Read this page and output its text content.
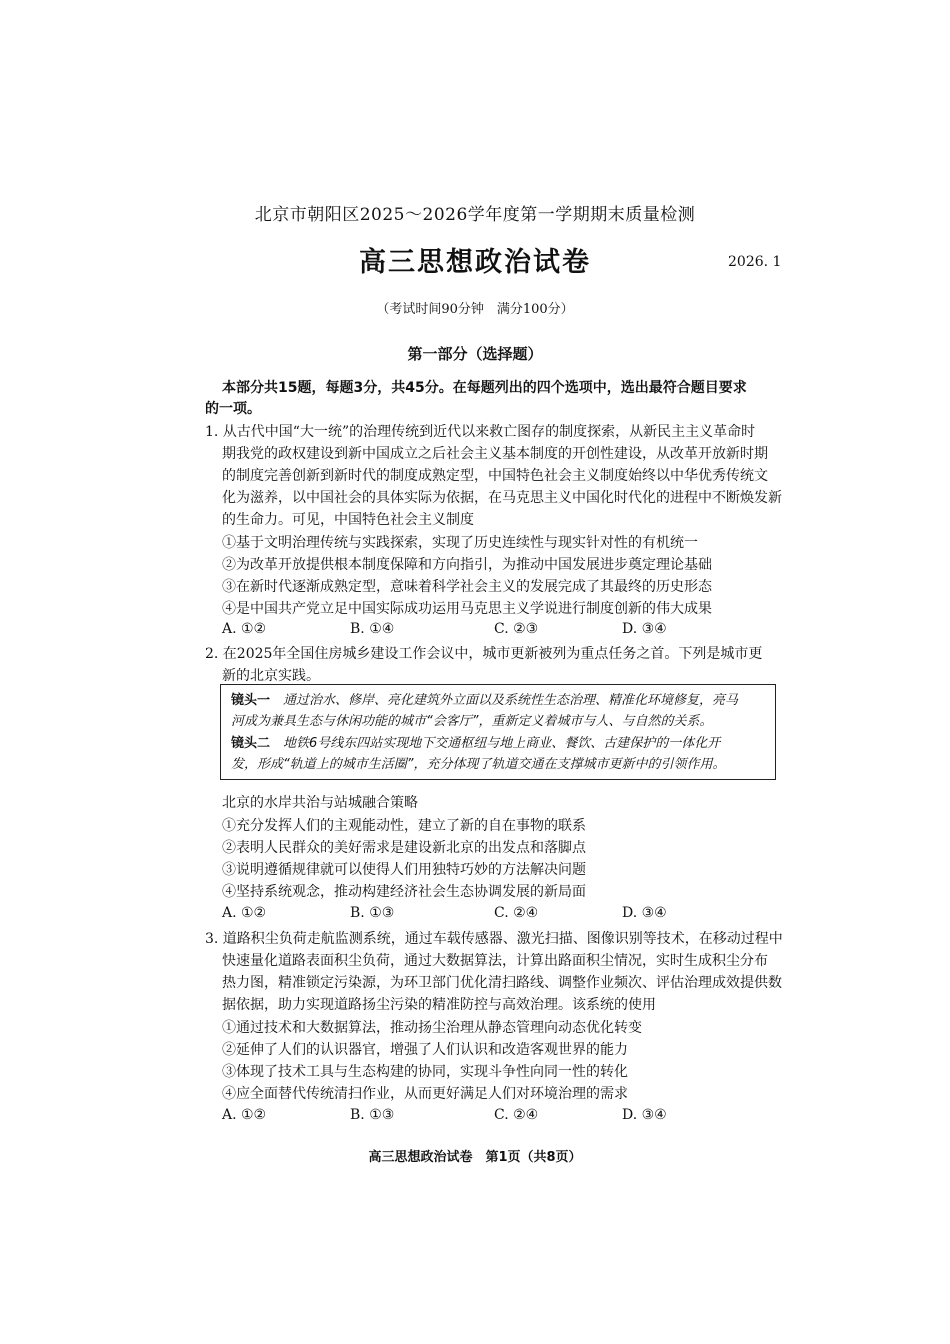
北京市朝阳区2025～2026学年度第一学期期末质量检测
高三思想政治试卷	2026. 1
（考试时间90分钟　满分100分）
第一部分（选择题）
本部分共15题，每题3分，共45分。在每题列出的四个选项中，选出最符合题目要求
的一项。
1. 从古代中国“大一统”的治理传统到近代以来救亡图存的制度探索，从新民主主义革命时
期我党的政权建设到新中国成立之后社会主义基本制度的开创性建设，从改革开放新时期
的制度完善创新到新时代的制度成熟定型，中国特色社会主义制度始终以中华优秀传统文
化为滋养，以中国社会的具体实际为依据，在马克思主义中国化时代化的进程中不断焕发新
的生命力。可见，中国特色社会主义制度
①基于文明治理传统与实践探索，实现了历史连续性与现实针对性的有机统一
②为改革开放提供根本制度保障和方向指引，为推动中国发展进步奠定理论基础
③在新时代逐渐成熟定型，意味着科学社会主义的发展完成了其最终的历史形态
④是中国共产党立足中国实际成功运用马克思主义学说进行制度创新的伟大成果
A. ①②	B. ①④	C. ②③	D. ③④
2. 在2025年全国住房城乡建设工作会议中，城市更新被列为重点任务之首。下列是城市更
新的北京实践。
镜头一  通过治水、修岸、亮化建筑外立面以及系统性生态治理、精准化环境修复，亮马
河成为兼具生态与休闲功能的城市“会客厅”，重新定义着城市与人、与自然的关系。
镜头二  地铁6号线东四站实现地下交通枢纽与地上商业、餐饮、古建保护的一体化开
发，形成“轨道上的城市生活圈”，充分体现了轨道交通在支撑城市更新中的引领作用。
北京的水岸共治与站城融合策略
①充分发挥人们的主观能动性，建立了新的自在事物的联系
②表明人民群众的美好需求是建设新北京的出发点和落脚点
③说明遵循规律就可以使得人们用独特巧妙的方法解决问题
④坚持系统观念，推动构建经济社会生态协调发展的新局面
A. ①②	B. ①③	C. ②④	D. ③④
3. 道路积尘负荷走航监测系统，通过车载传感器、激光扫描、图像识别等技术，在移动过程中
快速量化道路表面积尘负荷，通过大数据算法，计算出路面积尘情况，实时生成积尘分布
热力图，精准锁定污染源，为环卫部门优化清扫路线、调整作业频次、评估治理成效提供数
据依据，助力实现道路扬尘污染的精准防控与高效治理。该系统的使用
①通过技术和大数据算法，推动扬尘治理从静态管理向动态优化转变
②延伸了人们的认识器官，增强了人们认识和改造客观世界的能力
③体现了技术工具与生态构建的协同，实现斗争性向同一性的转化
④应全面替代传统清扫作业，从而更好满足人们对环境治理的需求
A. ①②	B. ①③	C. ②④	D. ③④
高三思想政治试卷　第1页（共8页）
